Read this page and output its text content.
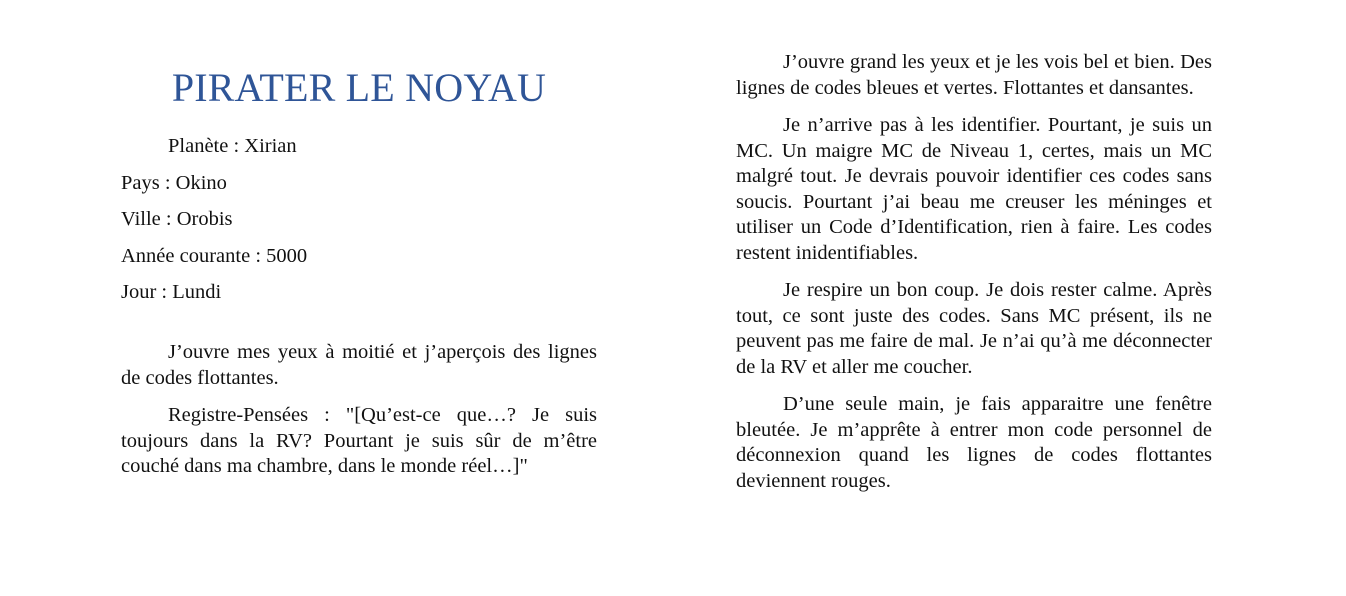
PIRATER LE NOYAU
Planète : Xirian
Pays : Okino
Ville : Orobis
Année courante : 5000
Jour : Lundi

J’ouvre mes yeux à moitié et j’aperçois des lignes de codes flottantes.

Registre-Pensées : "[Qu’est-ce que…? Je suis toujours dans la RV? Pourtant je suis sûr de m’être couché dans ma chambre, dans le monde réel…]"

J’ouvre grand les yeux et je les vois bel et bien. Des lignes de codes bleues et vertes. Flottantes et dansantes.

Je n’arrive pas à les identifier. Pourtant, je suis un MC. Un maigre MC de Niveau 1, certes, mais un MC malgré tout. Je devrais pouvoir identifier ces codes sans soucis. Pourtant j’ai beau me creuser les méninges et utiliser un Code d’Identification, rien à faire. Les codes restent inidentifiables.

Je respire un bon coup. Je dois rester calme. Après tout, ce sont juste des codes. Sans MC présent, ils ne peuvent pas me faire de mal. Je n’ai qu’à me déconnecter de la RV et aller me coucher.

D’une seule main, je fais apparaitre une fenêtre bleutée. Je m’apprête à entrer mon code personnel de déconnexion quand les lignes de codes flottantes deviennent rouges.
